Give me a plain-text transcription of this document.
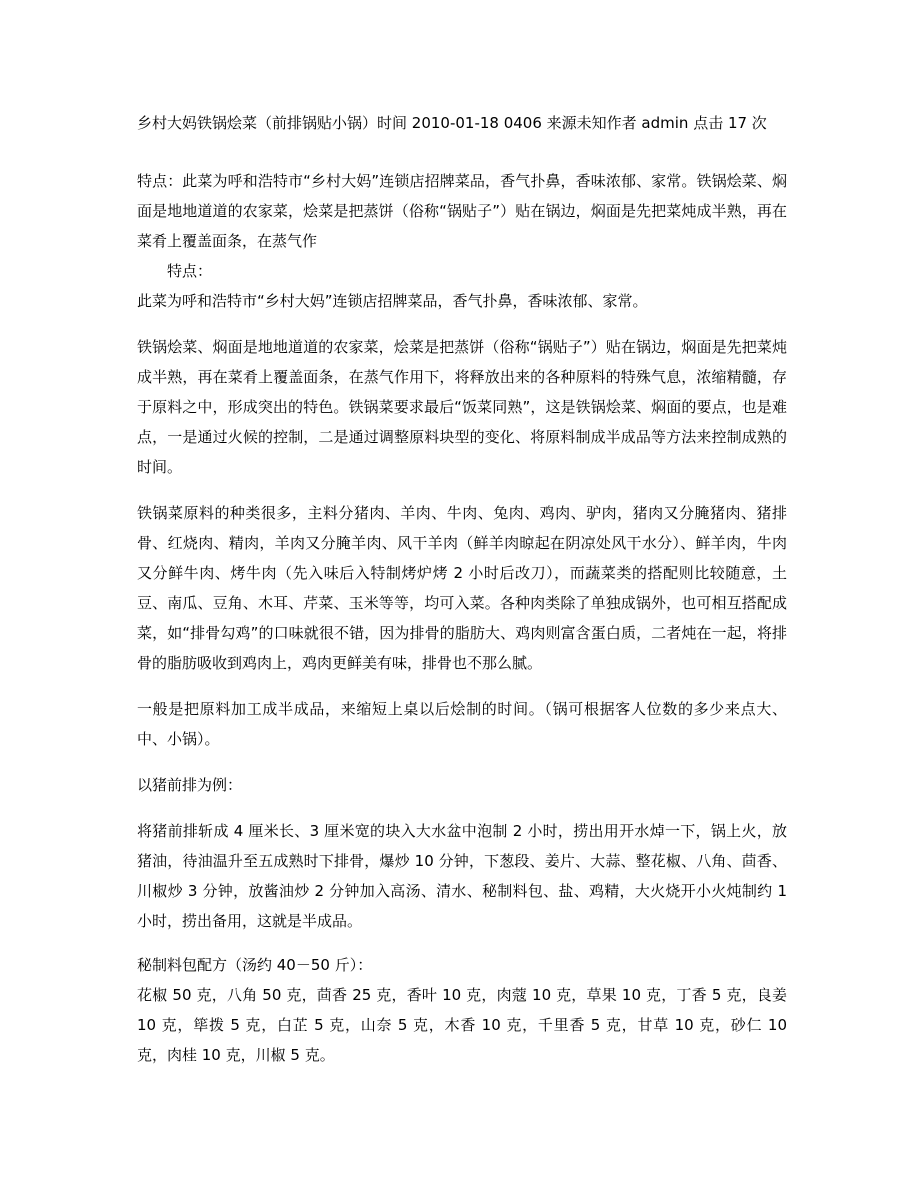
乡村大妈铁锅烩菜（前排锅贴小锅）时间 2010-01-18 0406 来源未知作者 admin 点击 17 次

特点：此菜为呼和浩特市“乡村大妈”连锁店招牌菜品，香气扑鼻，香味浓郁、家常。铁锅烩菜、焖面是地地道道的农家菜，烩菜是把蒸饼（俗称“锅贴子”）贴在锅边，焖面是先把菜炖成半熟，再在菜肴上覆盖面条，在蒸气作

特点：

此菜为呼和浩特市“乡村大妈”连锁店招牌菜品，香气扑鼻，香味浓郁、家常。

铁锅烩菜、焖面是地地道道的农家菜，烩菜是把蒸饼（俗称“锅贴子”）贴在锅边，焖面是先把菜炖成半熟，再在菜肴上覆盖面条，在蒸气作用下，将释放出来的各种原料的特殊气息，浓缩精髓，存于原料之中，形成突出的特色。铁锅菜要求最后“饭菜同熟”，这是铁锅烩菜、焖面的要点，也是难点，一是通过火候的控制，二是通过调整原料块型的变化、将原料制成半成品等方法来控制成熟的时间。

铁锅菜原料的种类很多，主料分猪肉、羊肉、牛肉、兔肉、鸡肉、驴肉，猪肉又分腌猪肉、猪排骨、红烧肉、精肉，羊肉又分腌羊肉、风干羊肉（鲜羊肉晾起在阴凉处风干水分）、鲜羊肉，牛肉又分鲜牛肉、烤牛肉（先入味后入特制烤炉烤 2 小时后改刀），而蔬菜类的搭配则比较随意，土豆、南瓜、豆角、木耳、芹菜、玉米等等，均可入菜。各种肉类除了单独成锅外，也可相互搭配成菜，如“排骨勾鸡”的口味就很不错，因为排骨的脂肪大、鸡肉则富含蛋白质，二者炖在一起，将排骨的脂肪吸收到鸡肉上，鸡肉更鲜美有味，排骨也不那么腻。

一般是把原料加工成半成品，来缩短上桌以后烩制的时间。（锅可根据客人位数的多少来点大、中、小锅）。

以猪前排为例：

将猪前排斩成 4 厘米长、3 厘米宽的块入大水盆中泡制 2 小时，捞出用开水焯一下，锅上火，放猪油，待油温升至五成熟时下排骨，爆炒 10 分钟，下葱段、姜片、大蒜、整花椒、八角、茴香、川椒炒 3 分钟，放酱油炒 2 分钟加入高汤、清水、秘制料包、盐、鸡精，大火烧开小火炖制约 1 小时，捞出备用，这就是半成品。

秘制料包配方（汤约 40－50 斤）：

花椒 50 克，八角 50 克，茴香 25 克，香叶 10 克，肉蔻 10 克，草果 10 克，丁香 5 克，良姜 10 克，筚拨 5 克，白芷 5 克，山奈 5 克，木香 10 克，千里香 5 克，甘草 10 克，砂仁 10 克，肉桂 10 克，川椒 5 克。
